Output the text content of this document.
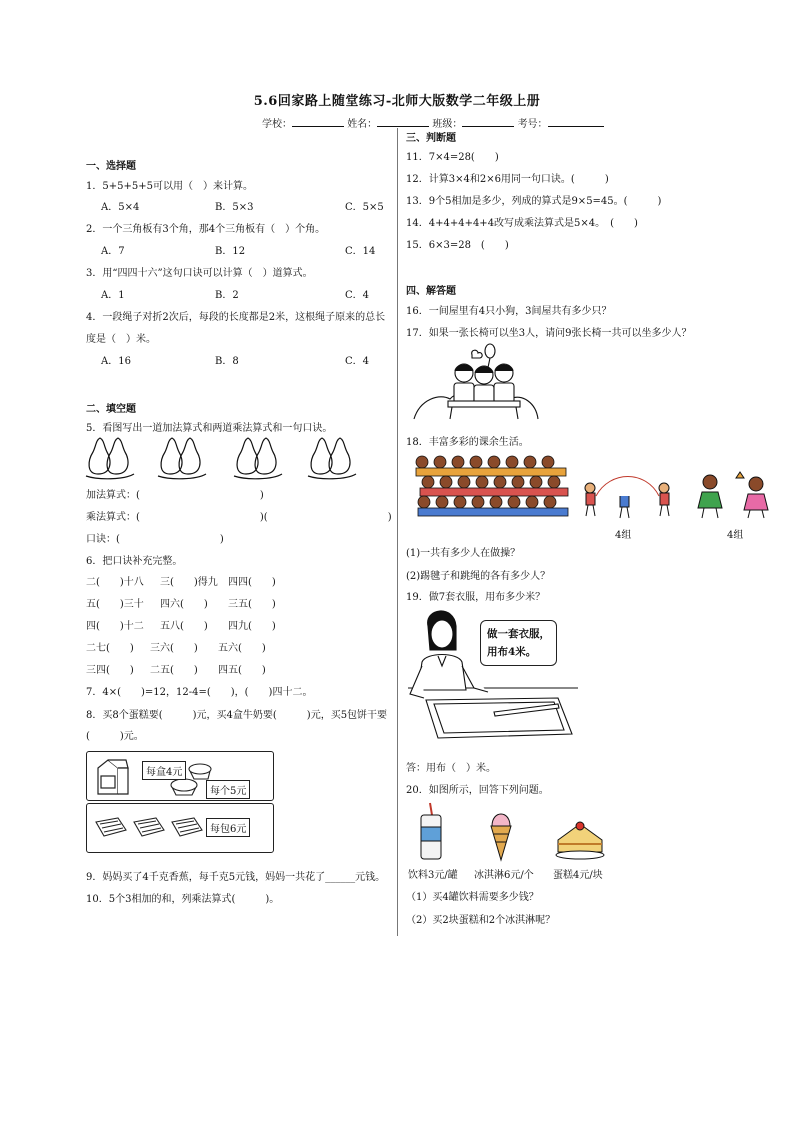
5.6回家路上随堂练习-北师大版数学二年级上册
学校：	姓名：	班级：	考号：
一、选择题
1．5+5+5+5可以用（　）来计算。
A．5×4	B．5×3	C．5×5
2．一个三角板有3个角，那4个三角板有（　）个角。
A．7	B．12	C．14
3．用“四四十六”这句口诀可以计算（　）道算式。
A．1	B．2	C．4
4．一段绳子对折2次后，每段的长度都是2米，这根绳子原来的总长
度是（　）米。
A．16	B．8	C．4
二、填空题
5．看图写出一道加法算式和两道乘法算式和一句口诀。
加法算式：(　　　　　　　　　　　　)
乘法算式：(　　　　　　　　　　　　)(　　　　　　　　　　　　)
口诀：(　　　　　　　　　　)
6．把口诀补充完整。
二(　　)十八 三(　　)得九 四四(　　)
五(　　)三十 四六(　　) 三五(　　)
四(　　)十二 五八(　　) 四九(　　)
二七(　　) 三六(　　) 五六(　　)
三四(　　) 二五(　　) 四五(　　)
7．4×(　　)=12，12-4=(　　)，(　　)四十二。
8．买8个蛋糕要(　　　)元，买4盒牛奶要(　　　)元，买5包饼干要
(　　　)元。
每盒4元
每个5元
每包6元
9．妈妈买了4千克香蕉，每千克5元钱，妈妈一共花了______元钱。
10．5个3相加的和，列乘法算式(　　　)。
三、判断题
11．7×4=28(　　)
12．计算3×4和2×6用同一句口诀。(　　　)
13．9个5相加是多少，列成的算式是9×5=45。(　　　)
14．4+4+4+4+4改写成乘法算式是5×4。　(　　)
15．6×3=28　(　　)
四、解答题
16．一间屋里有4只小狗，3间屋共有多少只？
17．如果一张长椅可以坐3人，请问9张长椅一共可以坐多少人？
18．丰富多彩的课余生活。
4组	4组
(1)一共有多少人在做操？
(2)踢毽子和跳绳的各有多少人？
19．做7套衣服，用布多少米？
做一套衣服，
用布4米。
答：用布（　）米。
20．如图所示，回答下列问题。
饮料3元/罐 冰淇淋6元/个 蛋糕4元/块
（1）买4罐饮料需要多少钱？
（2）买2块蛋糕和2个冰淇淋呢？
